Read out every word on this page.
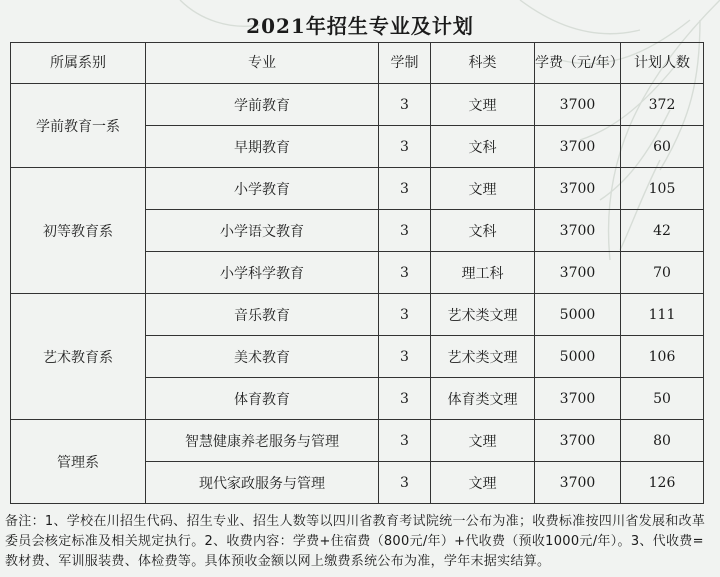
2021年招生专业及计划
所属系别	专业	学制	科类	学费（元/年）	计划人数
学前教育一系	学前教育	3	文理	3700	372
	早期教育	3	文科	3700	60
初等教育系	小学教育	3	文理	3700	105
	小学语文教育	3	文科	3700	42
	小学科学教育	3	理工科	3700	70
艺术教育系	音乐教育	3	艺术类文理	5000	111
	美术教育	3	艺术类文理	5000	106
	体育教育	3	体育类文理	3700	50
管理系	智慧健康养老服务与管理	3	文理	3700	80
	现代家政服务与管理	3	文理	3700	126
备注：1、学校在川招生代码、招生专业、招生人数等以四川省教育考试院统一公布为准；收费标准按四川省发展和改革委员会核定标准及相关规定执行。2、收费内容：学费+住宿费（800元/年）+代收费（预收1000元/年）。3、代收费=教材费、军训服装费、体检费等。具体预收金额以网上缴费系统公布为准，学年末据实结算。
